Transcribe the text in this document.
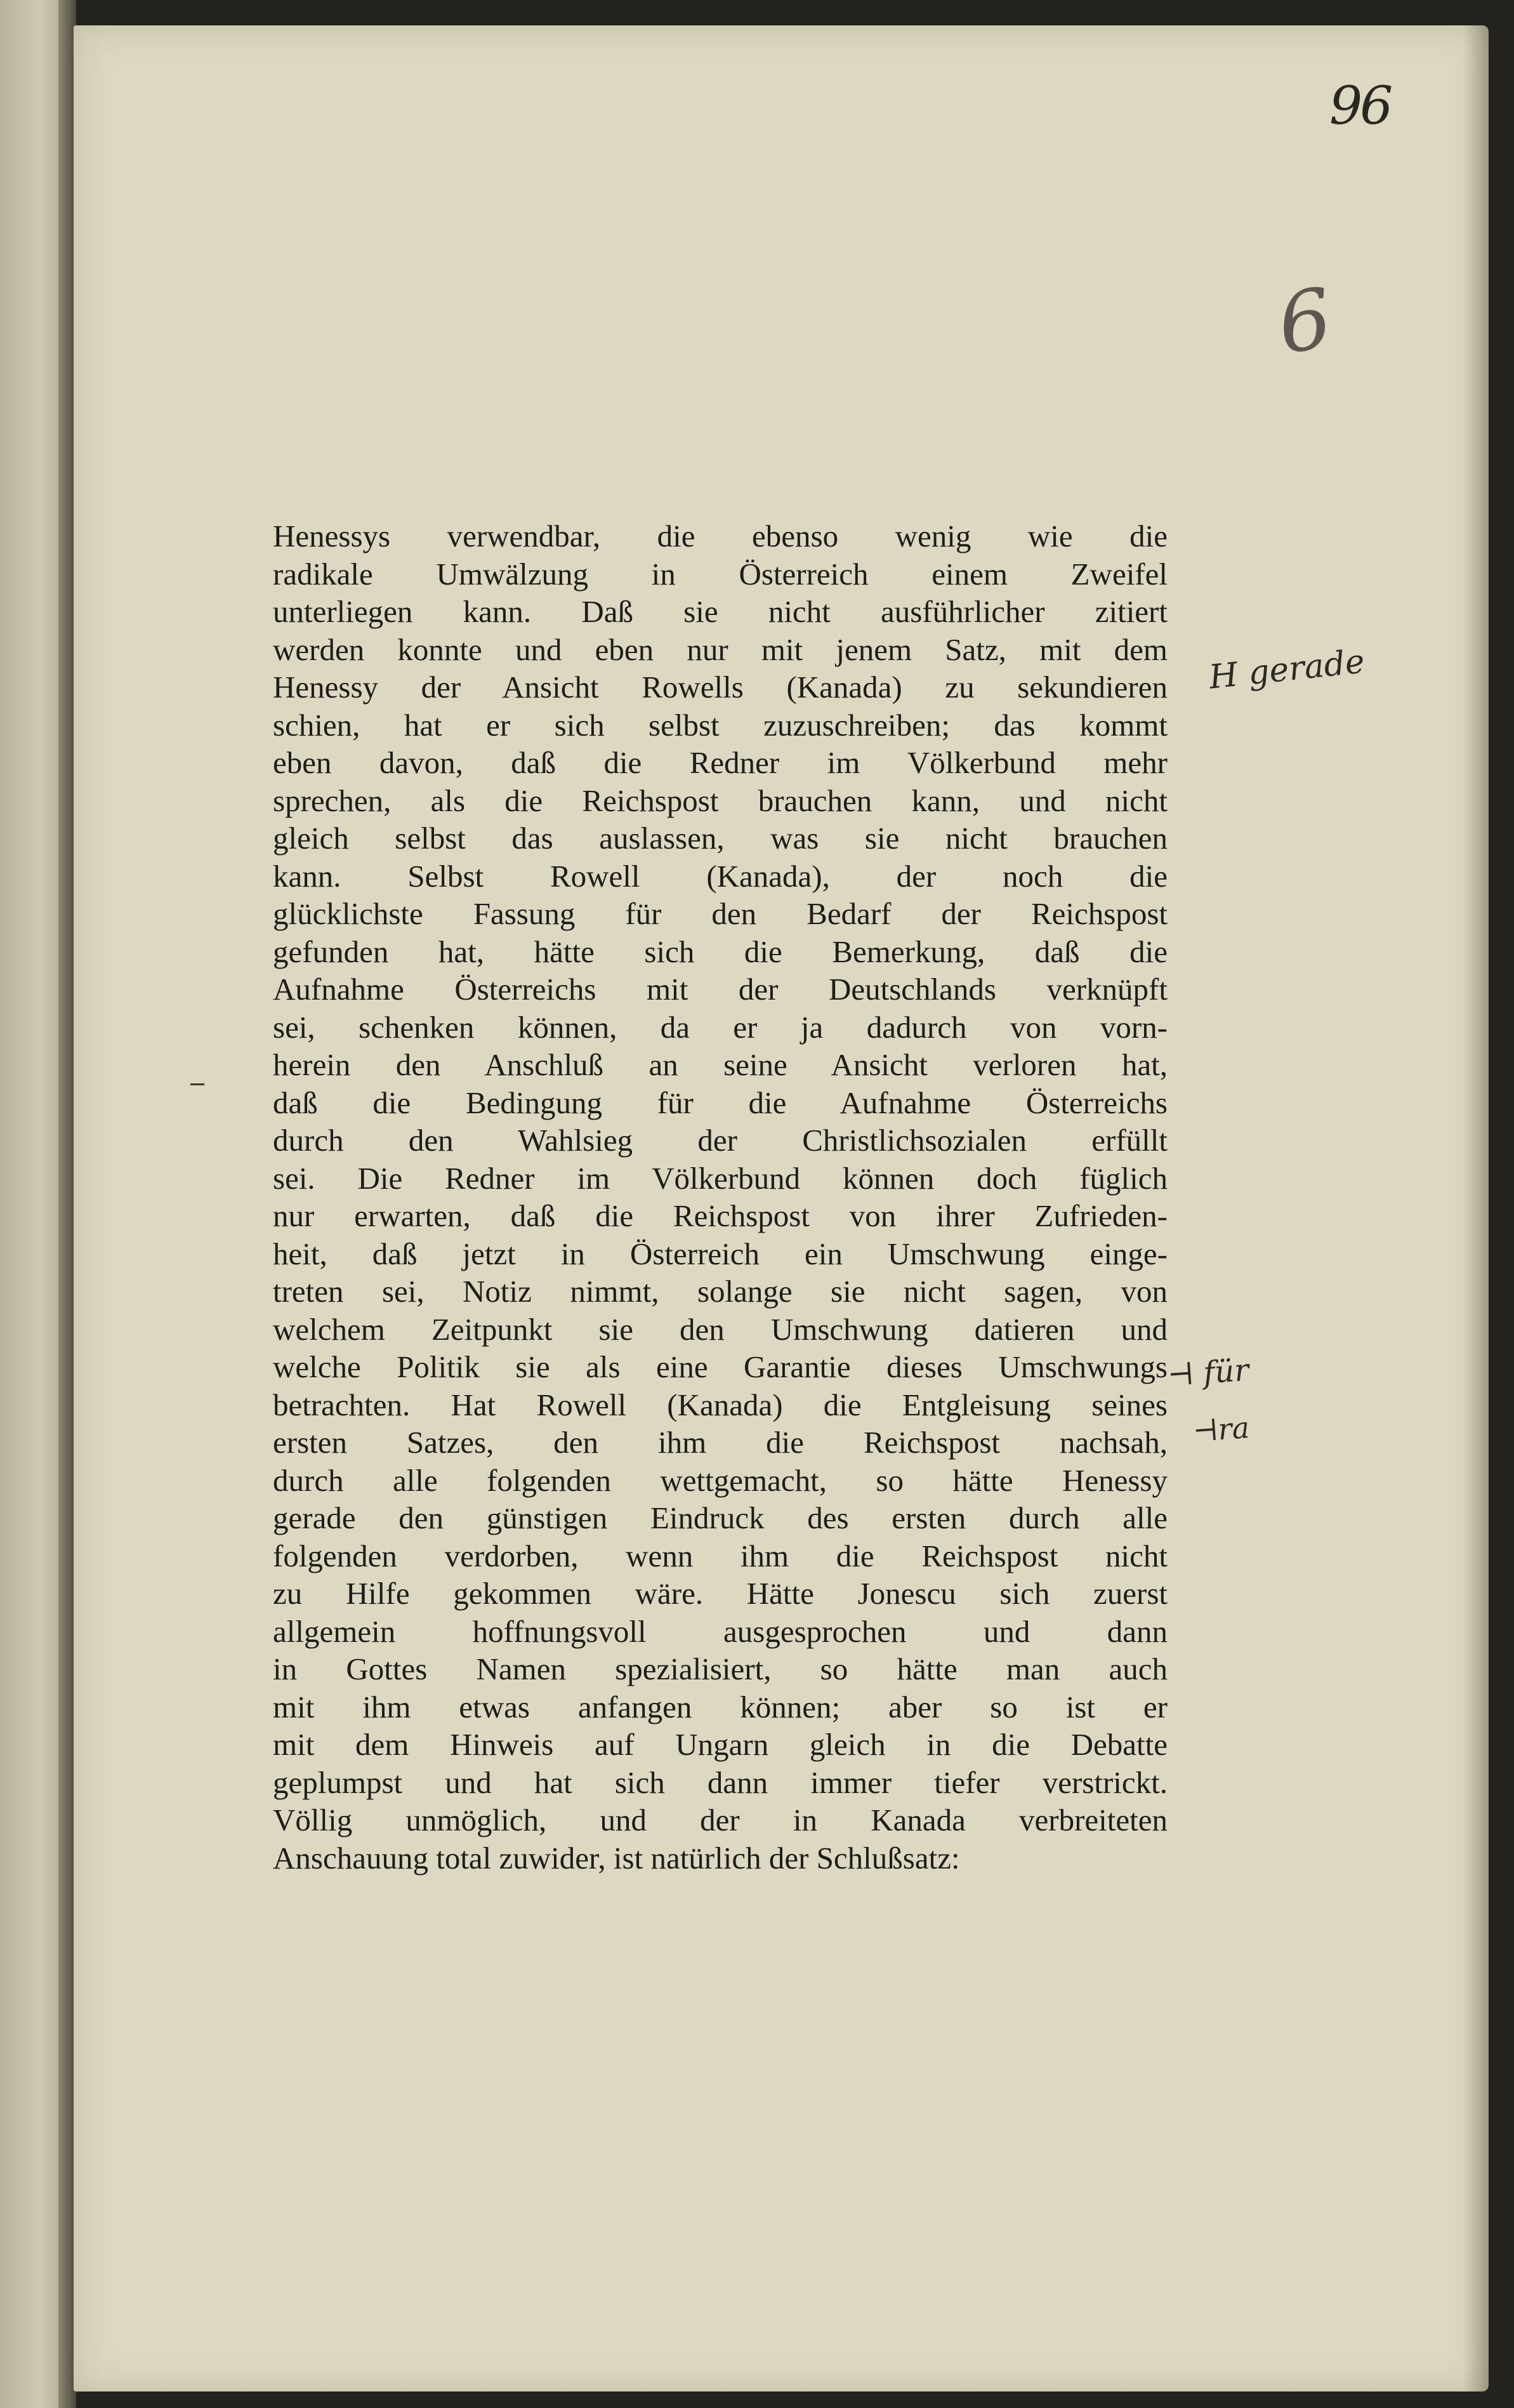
96
6
Henessys verwendbar, die ebenso wenig wie die
radikale Umwälzung in Österreich einem Zweifel
unterliegen kann. Daß sie nicht ausführlicher zitiert
werden konnte und eben nur mit jenem Satz, mit dem
Henessy der Ansicht Rowells (Kanada) zu sekundieren
schien, hat er sich selbst zuzuschreiben; das kommt
eben davon, daß die Redner im Völkerbund mehr
sprechen, als die Reichspost brauchen kann, und nicht
gleich selbst das auslassen, was sie nicht brauchen
kann. Selbst Rowell (Kanada), der noch die
glücklichste Fassung für den Bedarf der Reichspost
gefunden hat, hätte sich die Bemerkung, daß die
Aufnahme Österreichs mit der Deutschlands verknüpft
sei, schenken können, da er ja dadurch von vorn-
herein den Anschluß an seine Ansicht verloren hat,
daß die Bedingung für die Aufnahme Österreichs
durch den Wahlsieg der Christlichsozialen erfüllt
sei. Die Redner im Völkerbund können doch füglich
nur erwarten, daß die Reichspost von ihrer Zufrieden-
heit, daß jetzt in Österreich ein Umschwung einge-
treten sei, Notiz nimmt, solange sie nicht sagen, von
welchem Zeitpunkt sie den Umschwung datieren und
welche Politik sie als eine Garantie dieses Umschwungs
betrachten. Hat Rowell (Kanada) die Entgleisung seines
ersten Satzes, den ihm die Reichspost nachsah,
durch alle folgenden wettgemacht, so hätte Henessy
gerade den günstigen Eindruck des ersten durch alle
folgenden verdorben, wenn ihm die Reichspost nicht
zu Hilfe gekommen wäre. Hätte Jonescu sich zuerst
allgemein hoffnungsvoll ausgesprochen und dann
in Gottes Namen spezialisiert, so hätte man auch
mit ihm etwas anfangen können; aber so ist er
mit dem Hinweis auf Ungarn gleich in die Debatte
geplumpst und hat sich dann immer tiefer verstrickt.
Völlig unmöglich, und der in Kanada verbreiteten
Anschauung total zuwider, ist natürlich der Schlußsatz:
H gerade
⊣ für
⊣ra
